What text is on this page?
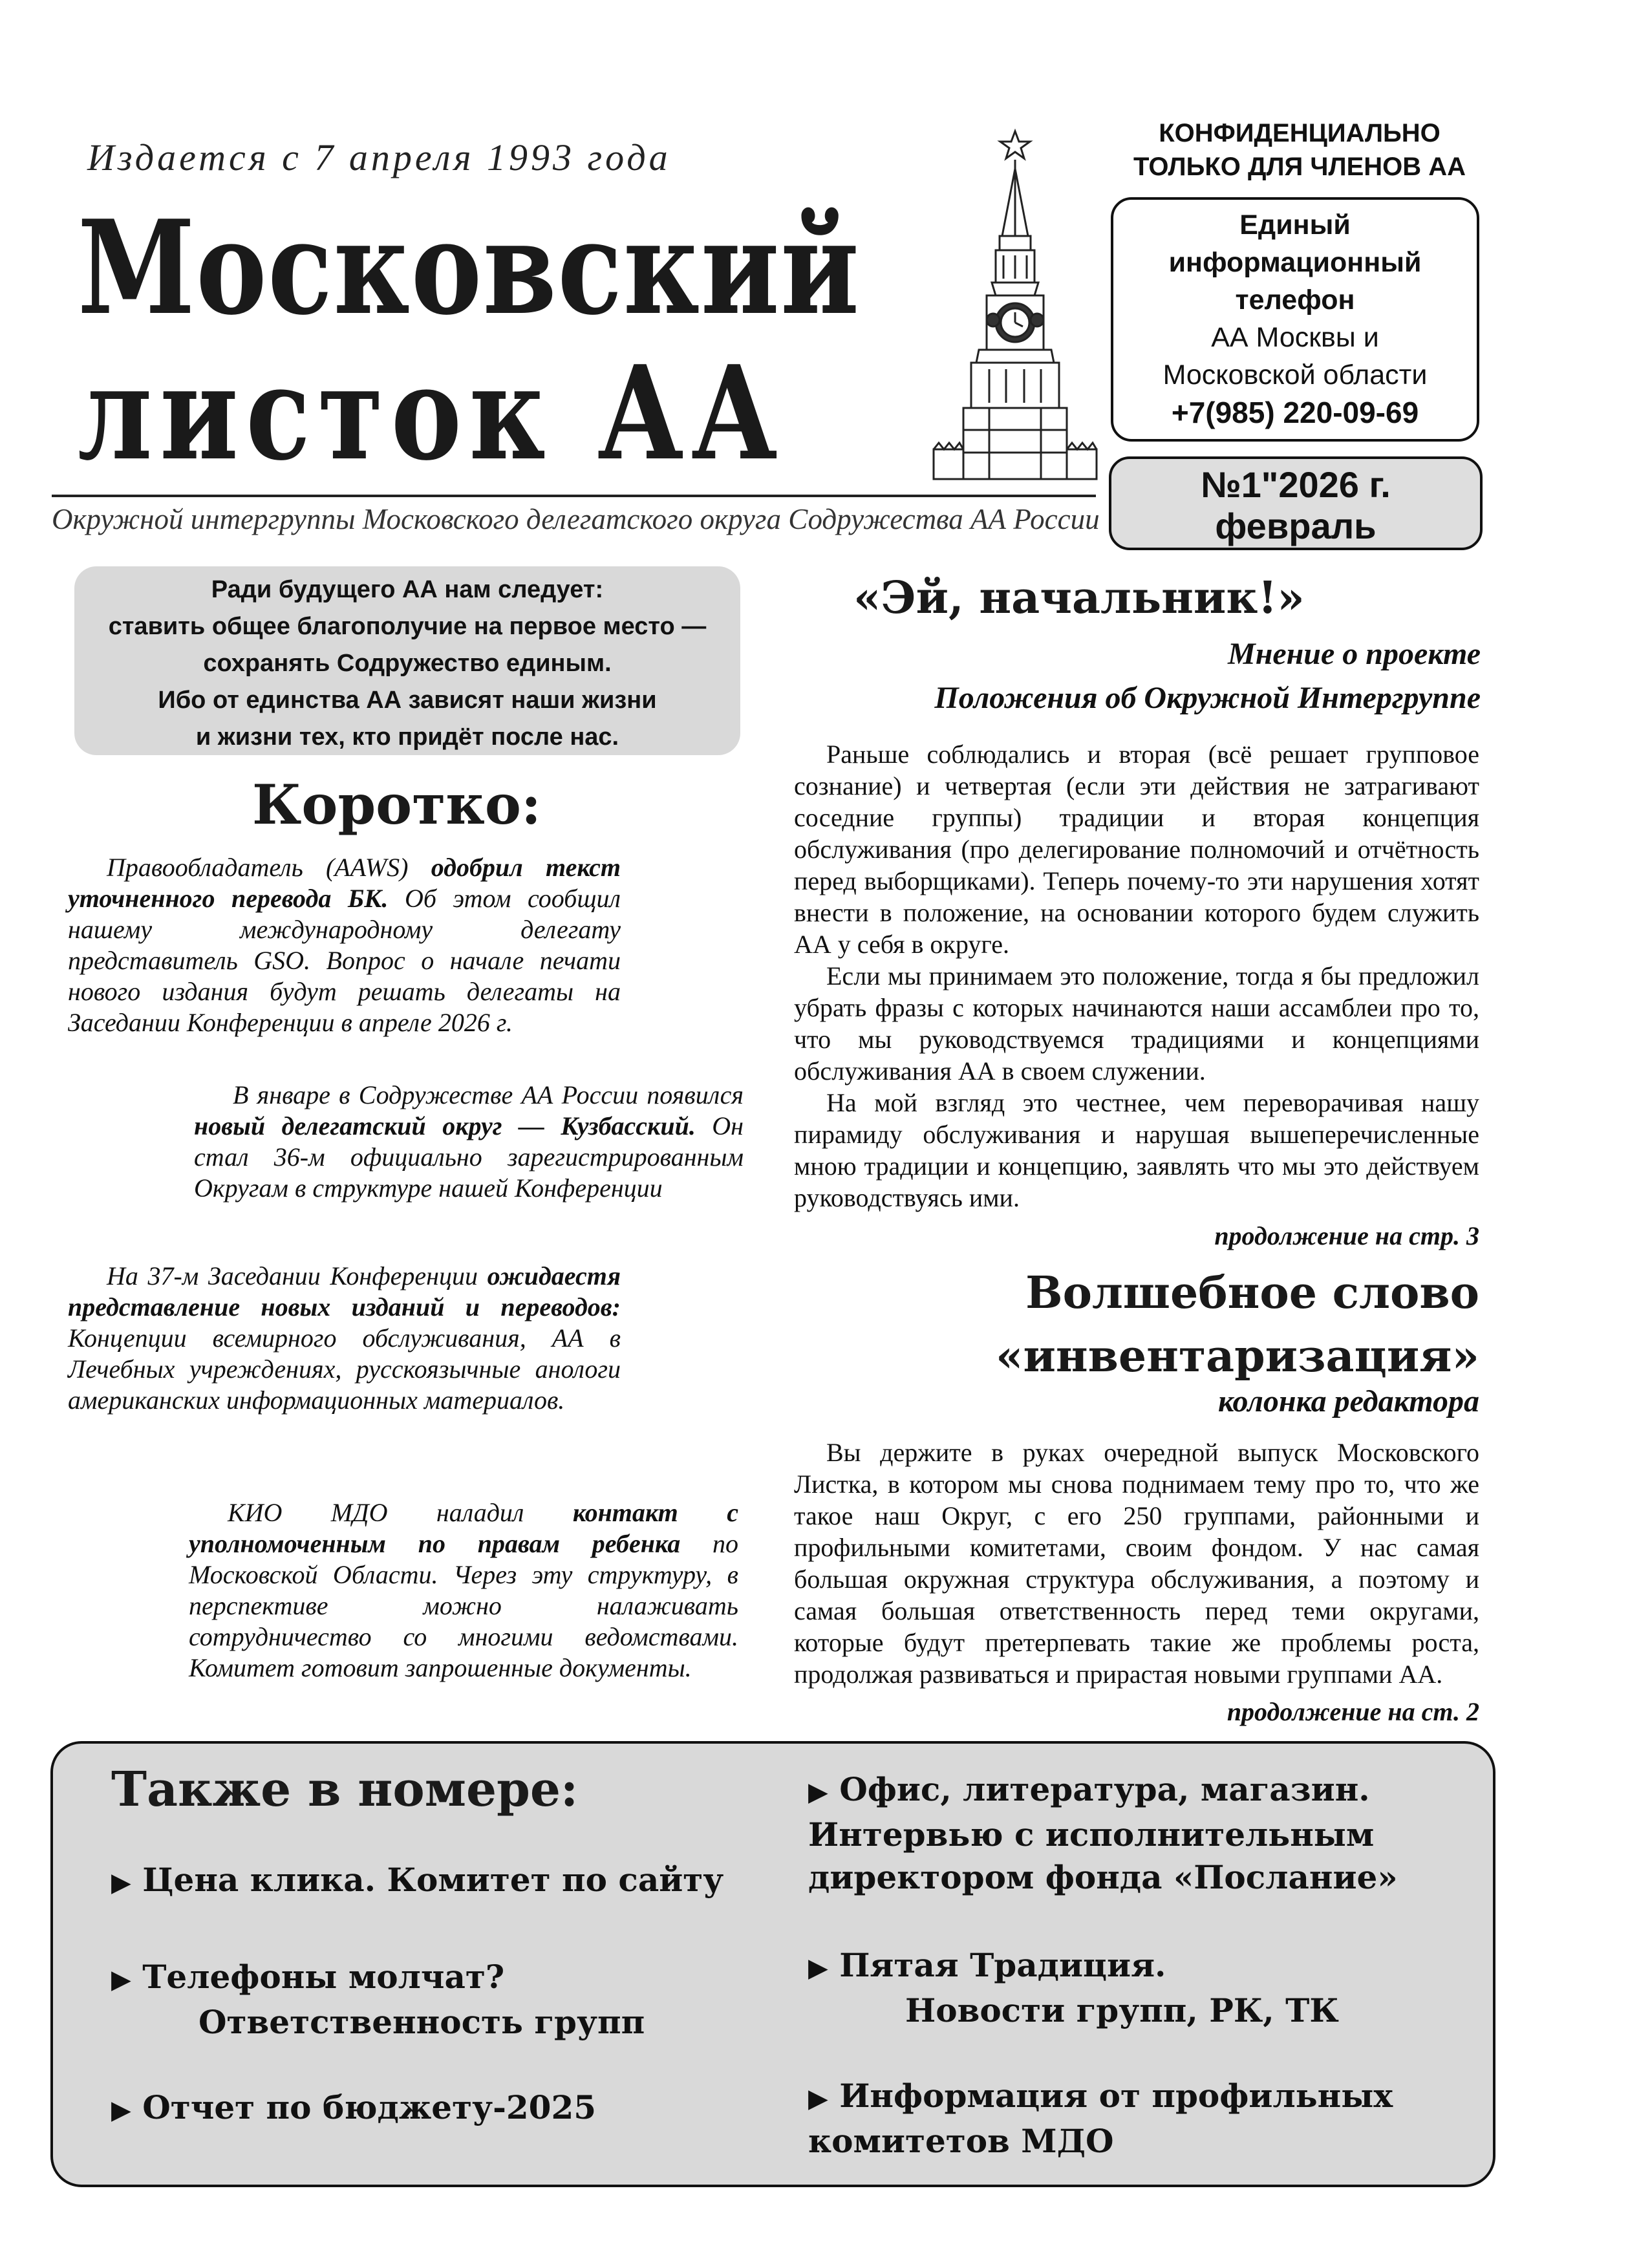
Издается с 7 апреля 1993 года
Московский
листок АА
Окружной интергруппы Московского делегатского округа Содружества АА России
КОНФИДЕНЦИАЛЬНО
ТОЛЬКО ДЛЯ ЧЛЕНОВ АА
Единый
информационный
телефон
АА Москвы и
Московской области
+7(985) 220-09-69
№1"2026 г.
февраль
Ради будущего АА нам следует:
ставить общее благополучие на первое место —
сохранять Содружество единым.
Ибо от единства АА зависят наши жизни
и жизни тех, кто придёт после нас.
Коротко:
Правообладатель (AAWS) одобрил текст уточненного перевода БК. Об этом сообщил нашему международному делегату представитель GSO. Вопрос о начале печати нового издания будут решать делегаты на Заседании Конференции в апреле 2026 г.
В январе в Содружестве АА России появился новый делегатский округ — Кузбасский. Он стал 36-м официально зарегистрированным Округам в структуре нашей Конференции
На 37-м Заседании Конференции ожидаестя представление новых изданий и переводов: Концепции всемирного обслуживания, АА в Лечебных учреждениях, русскоязычные анологи американских информационных материалов.
КИО МДО наладил контакт с уполномоченным по правам ребенка по Московской Области. Через эту структуру, в перспективе можно налаживать сотрудничество со многими ведомствами. Комитет готовит запрошенные документы.
«Эй, начальник!»
Мнение о проекте
Положения об Окружной Интергруппе

Раньше соблюдались и вторая (всё решает групповое сознание) и четвертая (если эти действия не затрагивают соседние группы) традиции и вторая концепция обслуживания (про делегирование полномочий и отчётность перед выборщиками). Теперь почему-то эти нарушения хотят внести в положение, на основании которого будем служить АА у себя в округе.

Если мы принимаем это положение, тогда я бы предложил убрать фразы с которых начинаются наши ассамблеи про то, что мы руководствуемся традициями и концепциями обслуживания АА в своем служении.

На мой взгляд это честнее, чем переворачивая нашу пирамиду обслуживания и нарушая вышеперечисленные мною традиции и концепцию, заявлять что мы это действуем руководствуясь ими.

продолжение на стр. 3
Волшебное слово
«инвентаризация»
колонка редактора

Вы держите в руках очередной выпуск Московского Листка, в котором мы снова поднимаем тему про то, что же такое наш Округ, с его 250 группами, районными и профильными комитетами, своим фондом. У нас самая большая окружная структура обслуживания, а поэтому и самая большая ответственность перед теми округами, которые будут претерпевать такие же проблемы роста, продолжая развиваться и прирастая новыми группами АА.

продолжение на ст. 2
Также в номере:
▶ Цена клика. Комитет по сайту
▶ Телефоны молчат?
Ответственность групп
▶ Отчет по бюджету-2025
▶ Офис, литература, магазин.
Интервью с исполнительным
директором фонда «Послание»
▶ Пятая Традиция.
Новости групп, РК, ТК
▶ Информация от профильных
комитетов МДО
